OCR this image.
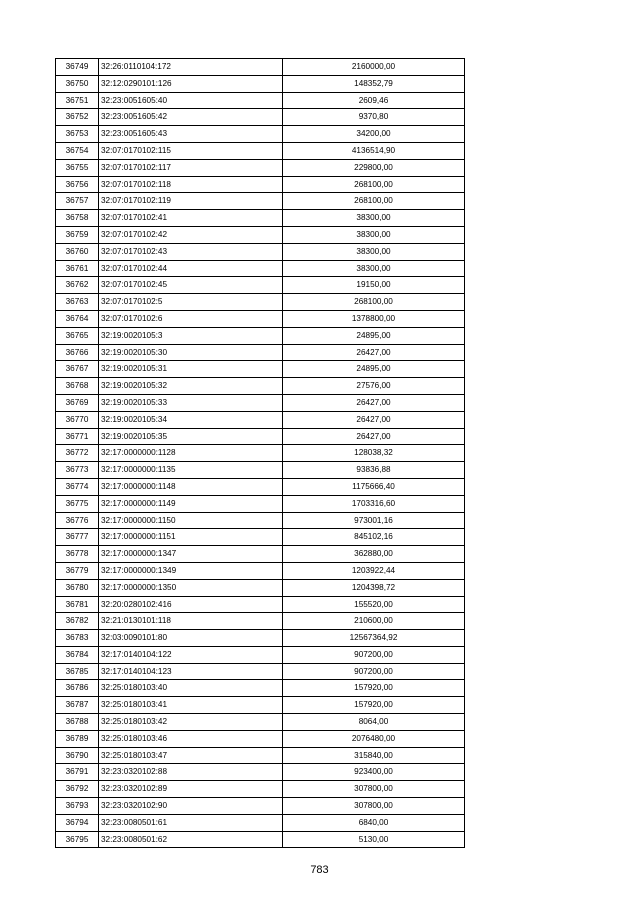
36749	32:26:0110104:172	2160000,00
36750	32:12:0290101:126	148352,79
36751	32:23:0051605:40	2609,46
36752	32:23:0051605:42	9370,80
36753	32:23:0051605:43	34200,00
36754	32:07:0170102:115	4136514,90
36755	32:07:0170102:117	229800,00
36756	32:07:0170102:118	268100,00
36757	32:07:0170102:119	268100,00
36758	32:07:0170102:41	38300,00
36759	32:07:0170102:42	38300,00
36760	32:07:0170102:43	38300,00
36761	32:07:0170102:44	38300,00
36762	32:07:0170102:45	19150,00
36763	32:07:0170102:5	268100,00
36764	32:07:0170102:6	1378800,00
36765	32:19:0020105:3	24895,00
36766	32:19:0020105:30	26427,00
36767	32:19:0020105:31	24895,00
36768	32:19:0020105:32	27576,00
36769	32:19:0020105:33	26427,00
36770	32:19:0020105:34	26427,00
36771	32:19:0020105:35	26427,00
36772	32:17:0000000:1128	128038,32
36773	32:17:0000000:1135	93836,88
36774	32:17:0000000:1148	1175666,40
36775	32:17:0000000:1149	1703316,60
36776	32:17:0000000:1150	973001,16
36777	32:17:0000000:1151	845102,16
36778	32:17:0000000:1347	362880,00
36779	32:17:0000000:1349	1203922,44
36780	32:17:0000000:1350	1204398,72
36781	32:20:0280102:416	155520,00
36782	32:21:0130101:118	210600,00
36783	32:03:0090101:80	12567364,92
36784	32:17:0140104:122	907200,00
36785	32:17:0140104:123	907200,00
36786	32:25:0180103:40	157920,00
36787	32:25:0180103:41	157920,00
36788	32:25:0180103:42	8064,00
36789	32:25:0180103:46	2076480,00
36790	32:25:0180103:47	315840,00
36791	32:23:0320102:88	923400,00
36792	32:23:0320102:89	307800,00
36793	32:23:0320102:90	307800,00
36794	32:23:0080501:61	6840,00
36795	32:23:0080501:62	5130,00
783
